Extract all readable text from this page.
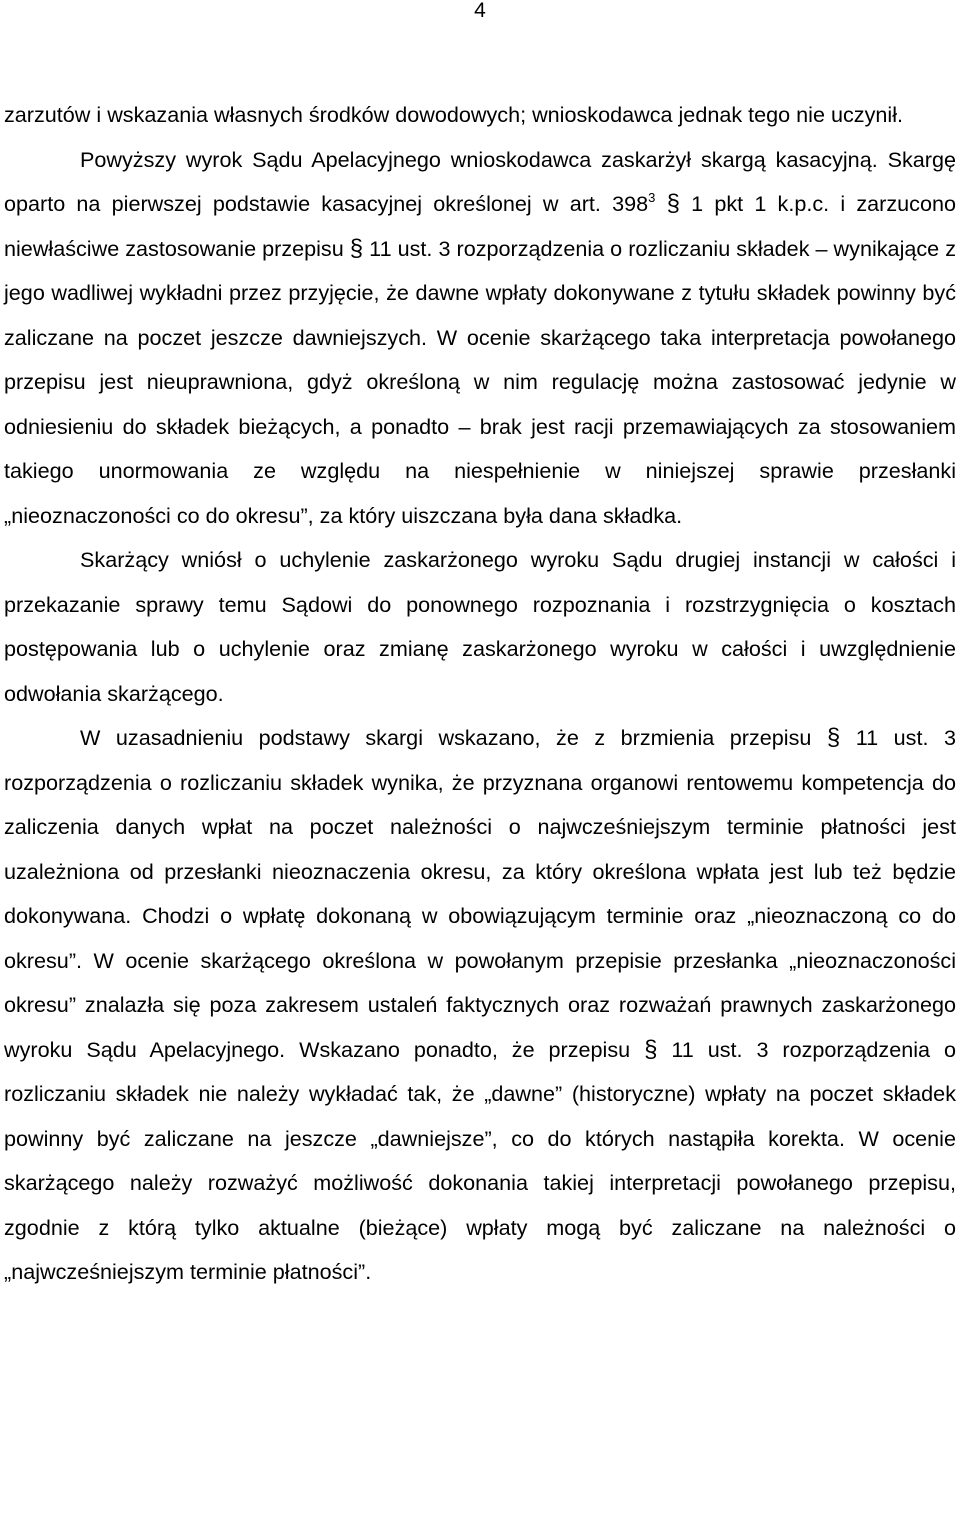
4

zarzutów i wskazania własnych środków dowodowych; wnioskodawca jednak tego nie uczynił.

Powyższy wyrok Sądu Apelacyjnego wnioskodawca zaskarżył skargą kasacyjną. Skargę oparto na pierwszej podstawie kasacyjnej określonej w art. $398^3$ § 1 pkt 1 k.p.c. i zarzucono niewłaściwe zastosowanie przepisu § 11 ust. 3 rozporządzenia o rozliczaniu składek – wynikające z jego wadliwej wykładni przez przyjęcie, że dawne wpłaty dokonywane z tytułu składek powinny być zaliczane na poczet jeszcze dawniejszych. W ocenie skarżącego taka interpretacja powołanego przepisu jest nieuprawniona, gdyż określoną w nim regulację można zastosować jedynie w odniesieniu do składek bieżących, a ponadto – brak jest racji przemawiających za stosowaniem takiego unormowania ze względu na niespełnienie w niniejszej sprawie przesłanki „nieoznaczoności co do okresu”, za który uiszczana była dana składka.

Skarżący wniósł o uchylenie zaskarżonego wyroku Sądu drugiej instancji w całości i przekazanie sprawy temu Sądowi do ponownego rozpoznania i rozstrzygnięcia o kosztach postępowania lub o uchylenie oraz zmianę zaskarżonego wyroku w całości i uwzględnienie odwołania skarżącego.

W uzasadnieniu podstawy skargi wskazano, że z brzmienia przepisu § 11 ust. 3 rozporządzenia o rozliczaniu składek wynika, że przyznana organowi rentowemu kompetencja do zaliczenia danych wpłat na poczet należności o najwcześniejszym terminie płatności jest uzależniona od przesłanki nieoznaczenia okresu, za który określona wpłata jest lub też będzie dokonywana. Chodzi o wpłatę dokonaną w obowiązującym terminie oraz „nieoznaczoną co do okresu”. W ocenie skarżącego określona w powołanym przepisie przesłanka „nieoznaczoności okresu” znalazła się poza zakresem ustaleń faktycznych oraz rozważań prawnych zaskarżonego wyroku Sądu Apelacyjnego. Wskazano ponadto, że przepisu § 11 ust. 3 rozporządzenia o rozliczaniu składek nie należy wykładać tak, że „dawne” (historyczne) wpłaty na poczet składek powinny być zaliczane na jeszcze „dawniejsze”, co do których nastąpiła korekta. W ocenie skarżącego należy rozważyć możliwość dokonania takiej interpretacji powołanego przepisu, zgodnie z którą tylko aktualne (bieżące) wpłaty mogą być zaliczane na należności o „najwcześniejszym terminie płatności”.
